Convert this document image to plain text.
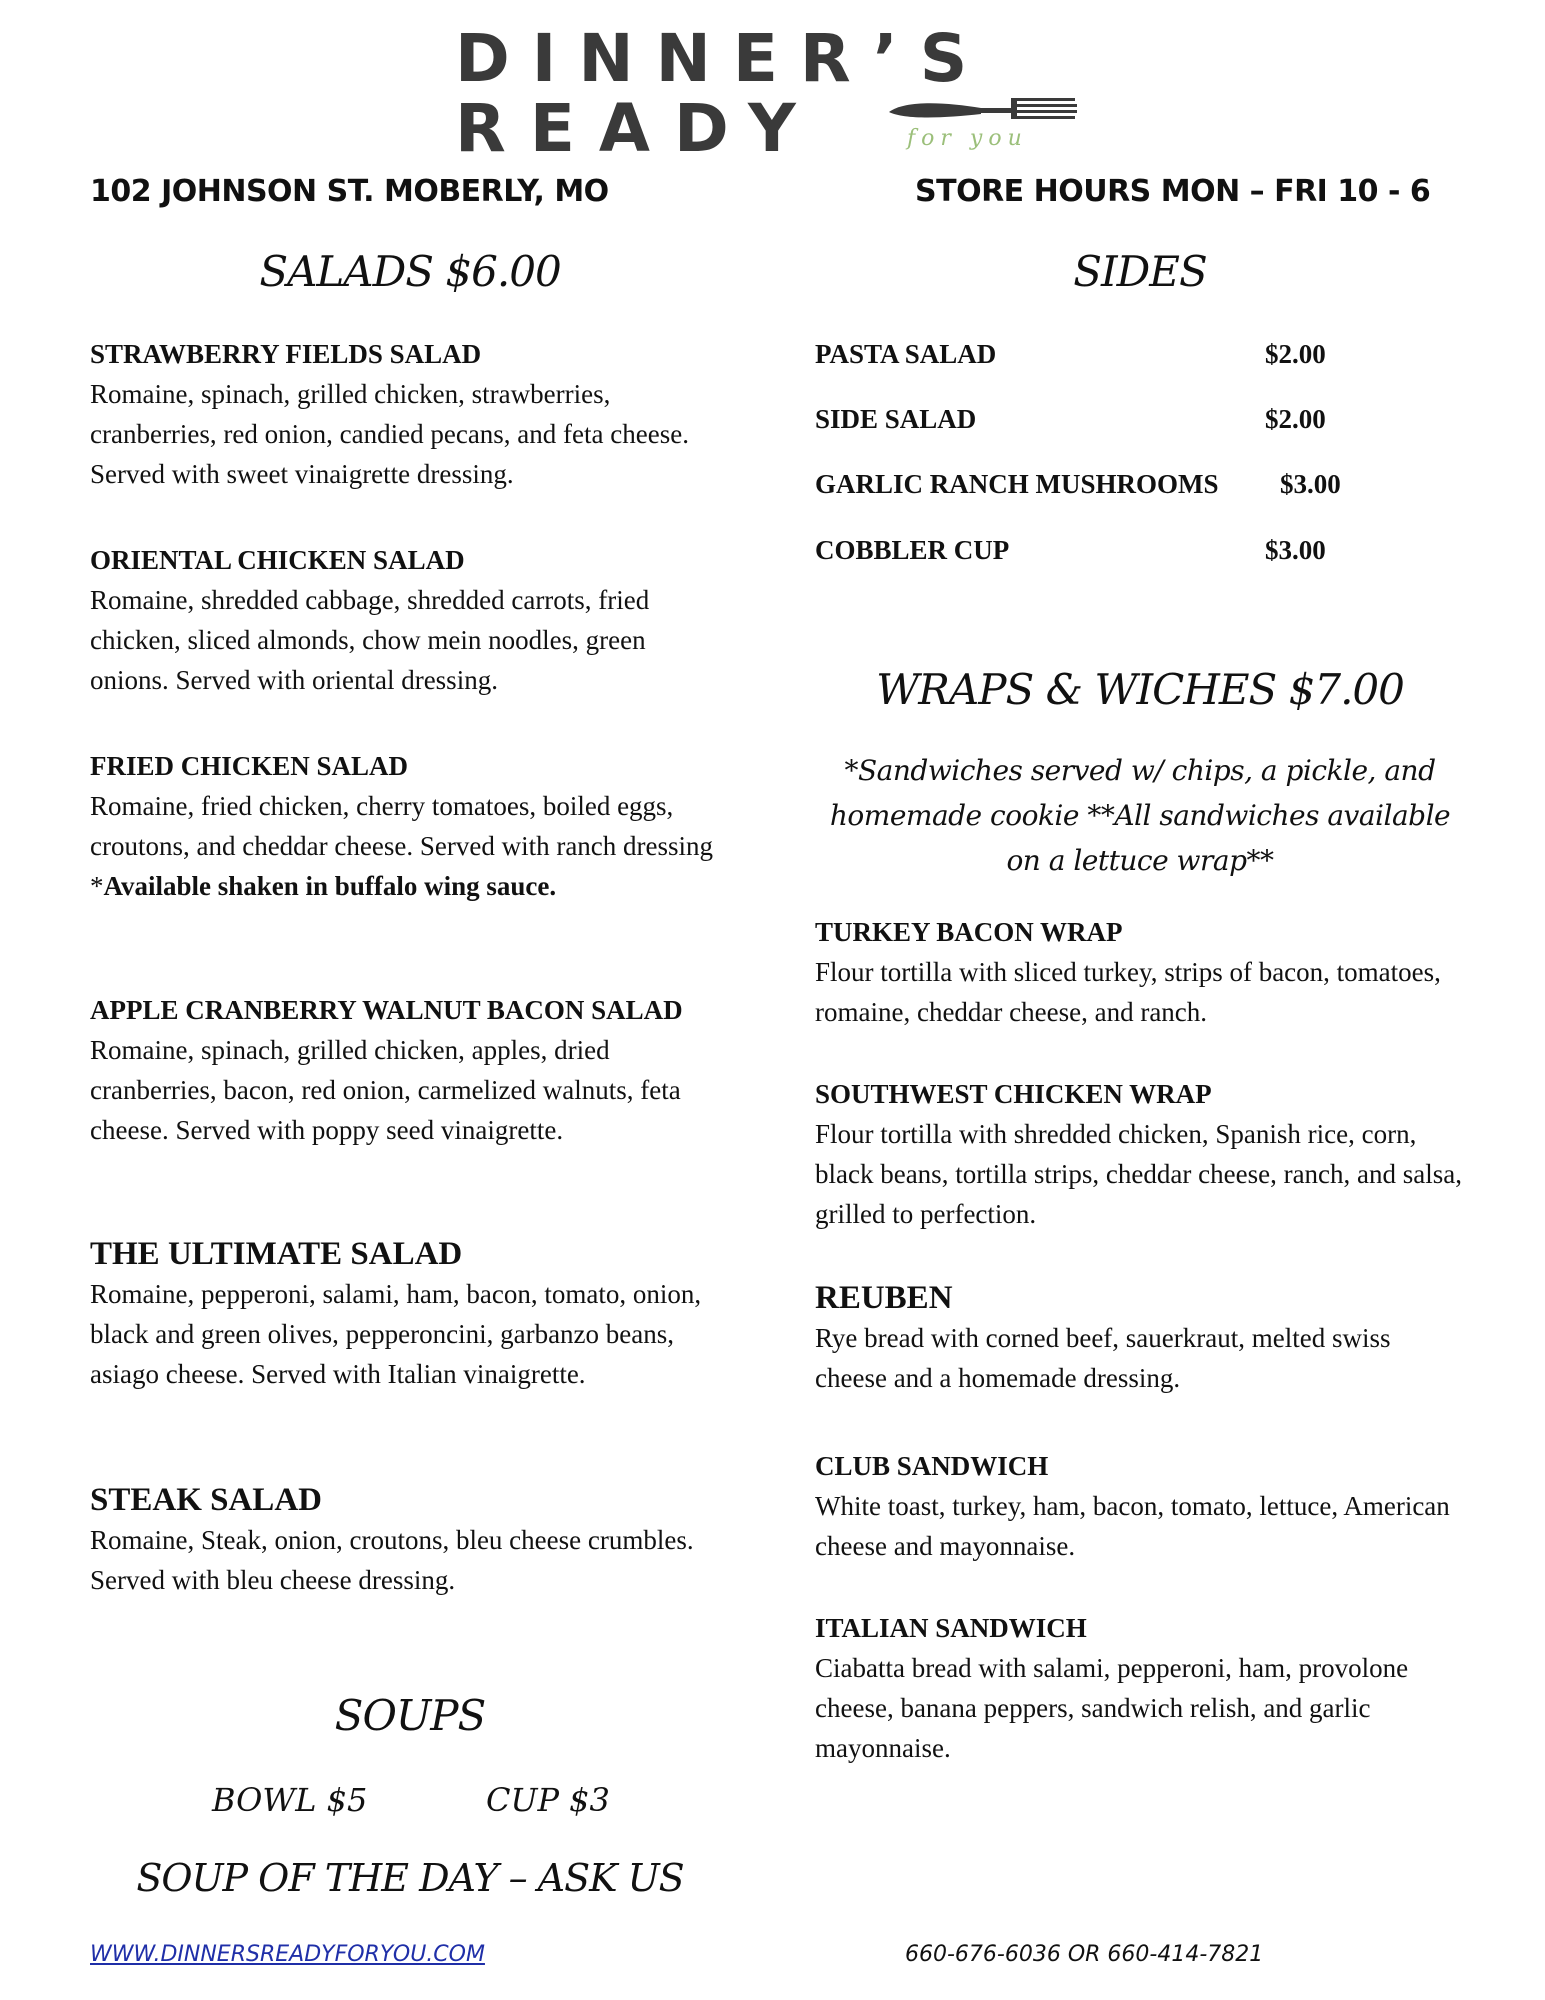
DINNER’S
READY	for you
102 JOHNSON ST. MOBERLY, MO	STORE HOURS MON – FRI 10 - 6
SALADS $6.00
STRAWBERRY FIELDS SALAD

Romaine, spinach, grilled chicken, strawberries, cranberries, red onion, candied pecans, and feta cheese. Served with sweet vinaigrette dressing.

ORIENTAL CHICKEN SALAD

Romaine, shredded cabbage, shredded carrots, fried chicken, sliced almonds, chow mein noodles, green onions. Served with oriental dressing.

FRIED CHICKEN SALAD

Romaine, fried chicken, cherry tomatoes, boiled eggs, croutons, and cheddar cheese. Served with ranch dressing *Available shaken in buffalo wing sauce.

APPLE CRANBERRY WALNUT BACON SALAD

Romaine, spinach, grilled chicken, apples, dried cranberries, bacon, red onion, carmelized walnuts, feta cheese. Served with poppy seed vinaigrette.

THE ULTIMATE SALAD

Romaine, pepperoni, salami, ham, bacon, tomato, onion, black and green olives, pepperoncini, garbanzo beans, asiago cheese. Served with Italian vinaigrette.

STEAK SALAD

Romaine, Steak, onion, croutons, bleu cheese crumbles. Served with bleu cheese dressing.

SOUPS
BOWL $5	CUP $3
SOUP OF THE DAY – ASK US
SIDES
PASTA SALAD	$2.00
SIDE SALAD	$2.00
GARLIC RANCH MUSHROOMS $3.00
COBBLER CUP	$3.00
WRAPS & WICHES $7.00
*Sandwiches served w/ chips, a pickle, and homemade cookie **All sandwiches available on a lettuce wrap**
TURKEY BACON WRAP

Flour tortilla with sliced turkey, strips of bacon, tomatoes, romaine, cheddar cheese, and ranch.

SOUTHWEST CHICKEN WRAP

Flour tortilla with shredded chicken, Spanish rice, corn, black beans, tortilla strips, cheddar cheese, ranch, and salsa, grilled to perfection.

REUBEN

Rye bread with corned beef, sauerkraut, melted swiss cheese and a homemade dressing.

CLUB SANDWICH

White toast, turkey, ham, bacon, tomato, lettuce, American cheese and mayonnaise.

ITALIAN SANDWICH

Ciabatta bread with salami, pepperoni, ham, provolone cheese, banana peppers, sandwich relish, and garlic mayonnaise.

WWW.DINNERSREADYFORYOU.COM	660-676-6036 OR 660-414-7821
